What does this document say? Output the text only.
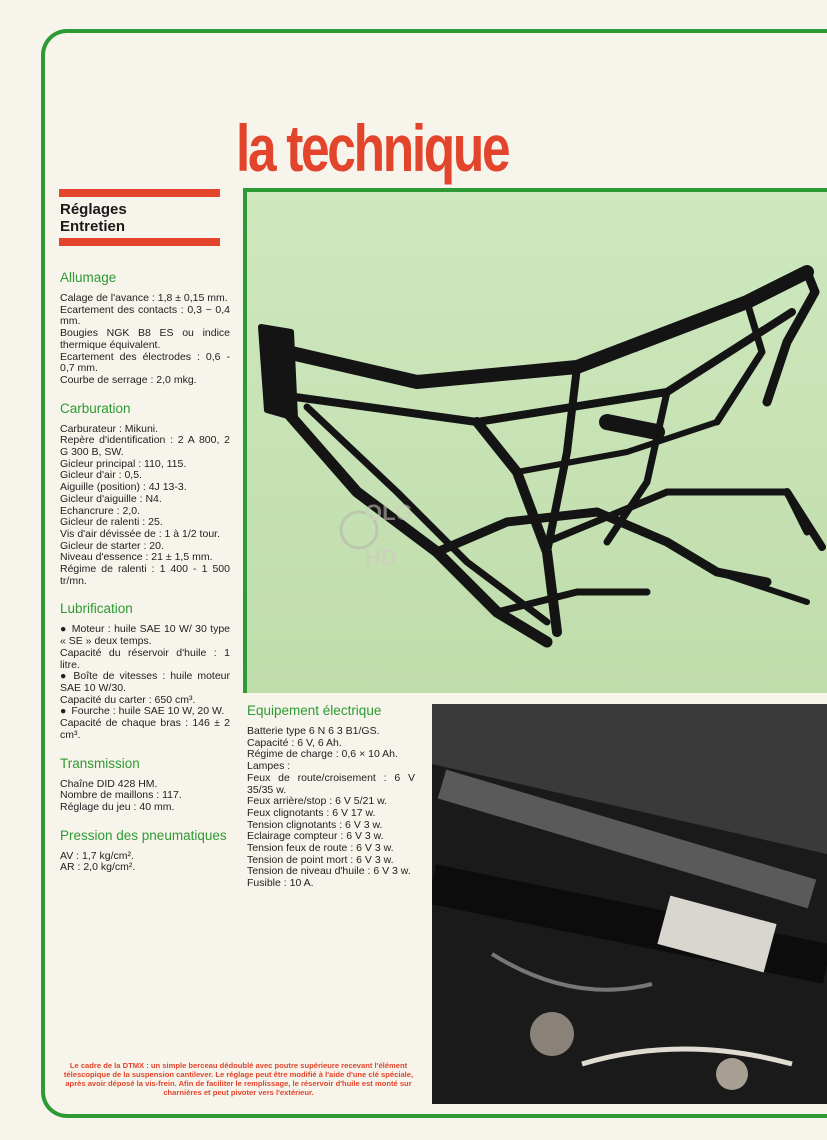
la technique
Réglages
Entretien
Allumage
Calage de l'avance : 1,8 ± 0,15 mm.
Ecartement des contacts : 0,3 ~ 0,4 mm.
Bougies NGK B8 ES ou indice thermique équivalent.
Ecartement des électrodes : 0,6 - 0,7 mm.
Courbe de serrage : 2,0 mkg.
Carburation
Carburateur : Mikuni.
Repère d'identification : 2 A 800, 2 G 300 B, SW.
Gicleur principal : 110, 115.
Gicleur d'air : 0,5.
Aiguille (position) : 4J 13-3.
Gicleur d'aiguille : N4.
Echancrure : 2,0.
Gicleur de ralenti : 25.
Vis d'air dévissée de : 1 à 1/2 tour.
Gicleur de starter : 20.
Niveau d'essence : 21 ± 1,5 mm.
Régime de ralenti : 1 400 - 1 500 tr/mn.
Lubrification
● Moteur : huile SAE 10 W/ 30 type « SE » deux temps.
Capacité du réservoir d'huile : 1 litre.
● Boîte de vitesses : huile moteur SAE 10 W/30.
Capacité du carter : 650 cm³.
● Fourche : huile SAE 10 W, 20 W.
Capacité de chaque bras : 146 ± 2 cm³.
Transmission
Chaîne DID 428 HM.
Nombre de maillons : 117.
Réglage du jeu : 40 mm.
Pression des pneumatiques
AV : 1,7 kg/cm².
AR : 2,0 kg/cm².
Equipement électrique
Batterie type 6 N 6 3 B1/GS.
Capacité : 6 V, 6 Ah.
Régime de charge : 0,6 × 10 Ah.
Lampes :
Feux de route/croisement : 6 V 35/35 w.
Feux arrière/stop : 6 V 5/21 w.
Feux clignotants : 6 V 17 w.
Tension clignotants : 6 V 3 w.
Eclairage compteur : 6 V 3 w.
Tension feux de route : 6 V 3 w.
Tension de point mort : 6 V 3 w.
Tension de niveau d'huile : 6 V 3 w.
Fusible : 10 A.
OLG
HD

Le cadre de la DTMX : un simple berceau dédoublé avec poutre supérieure recevant l'élément télescopique de la suspension cantilever. Le réglage peut être modifié à l'aide d'une clé spéciale, après avoir déposé la vis-frein. Afin de faciliter le remplissage, le réservoir d'huile est monté sur charnières et peut pivoter vers l'extérieur.
